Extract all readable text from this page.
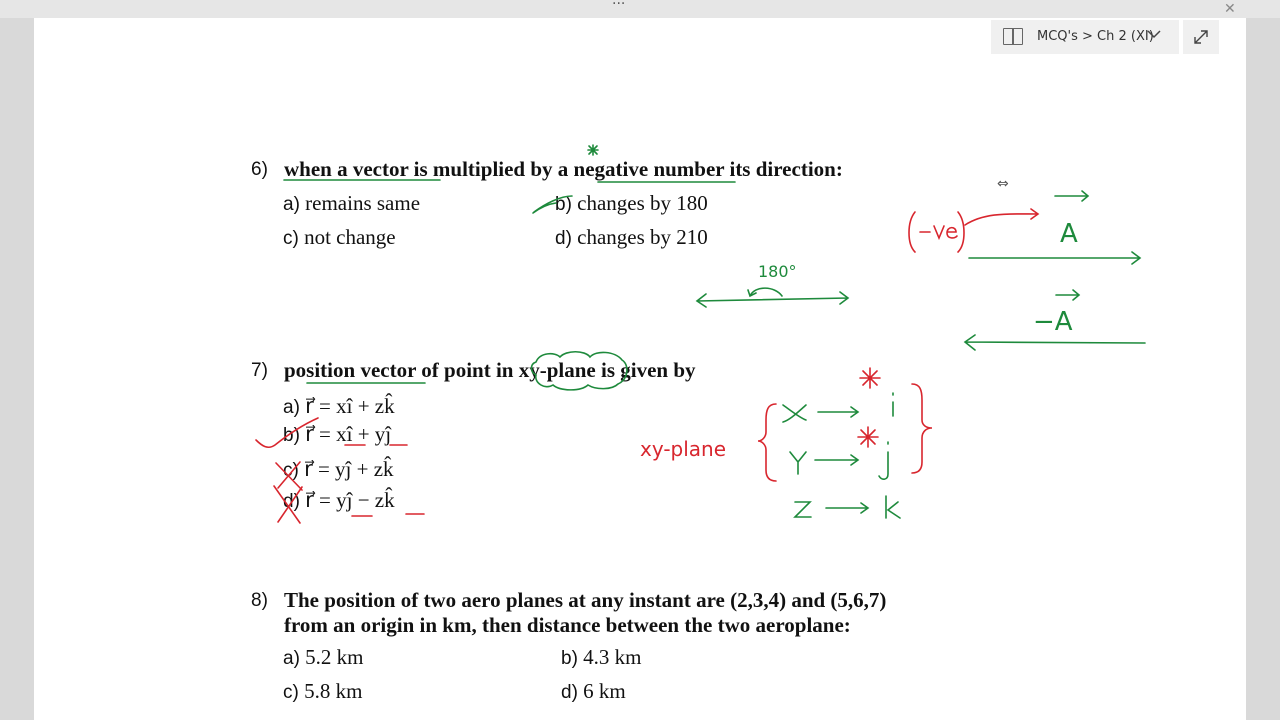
···	✕
MCQ's > Ch 2 (XI)
6) when a vector is multiplied by a negative number its direction:
a) remains same	b) changes by 180
c) not change	d) changes by 210
7) position vector of point in xy-plane is given by
a) r⃗ = xî + zk̂
b) r⃗ = xî + yĵ
c) r⃗ = yĵ + zk̂
d) r⃗ = yĵ − zk̂
8) The position of two aero planes at any instant are (2,3,4) and (5,6,7)
from an origin in km, then distance between the two aeroplane:
a) 5.2 km	b) 4.3 km
c) 5.8 km	d) 6 km
180°
A
−A
xy-plane
⇔
